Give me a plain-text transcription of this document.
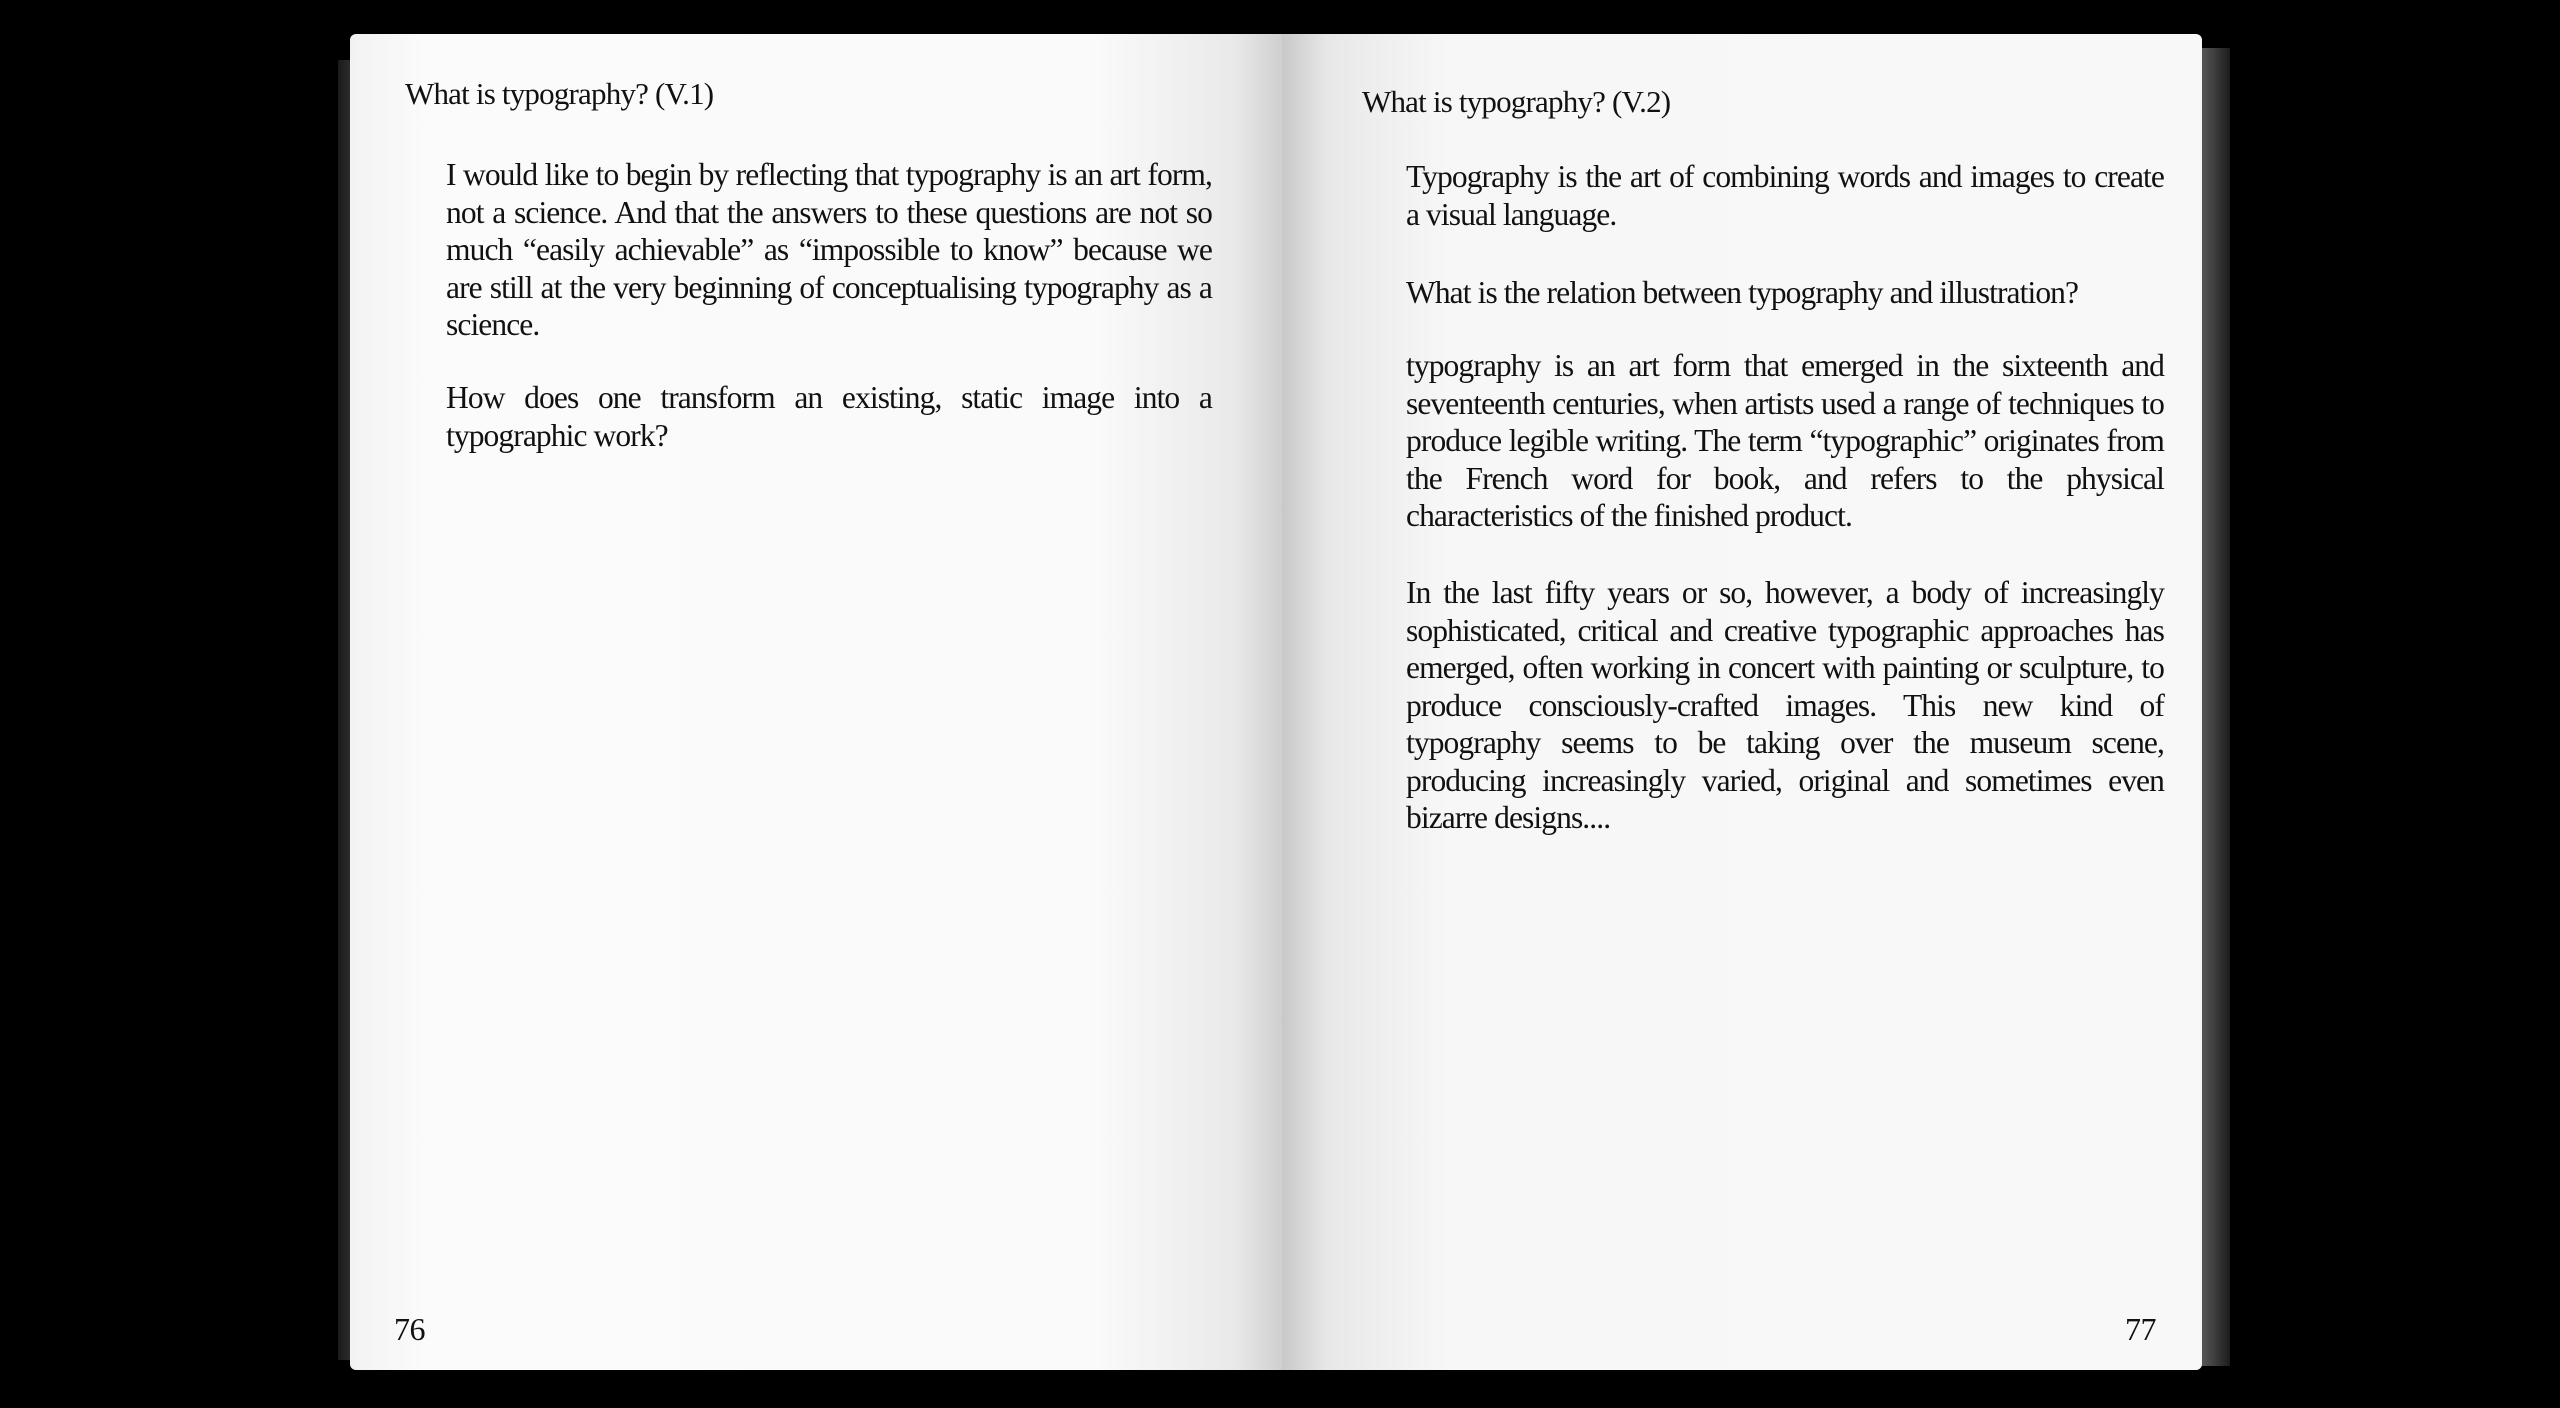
What is typography? (V.1)

I would like to begin by reflecting that typography is an art form, not a science. And that the answers to these questions are not so much “easily achievable” as “impossible to know” because we are still at the very beginning of conceptualising typography as a science.

How does one transform an existing, static image into a typographic work?

76
What is typography? (V.2)

Typography is the art of combining words and images to create a visual language.

What is the relation between typography and illustration?

typography is an art form that emerged in the sixteenth and seventeenth centuries, when artists used a range of techniques to produce legible writing. The term “typographic” originates from the French word for book, and refers to the physical characteristics of the finished product.

In the last fifty years or so, however, a body of increasingly sophisticated, critical and creative typographic approaches has emerged, often working in concert with painting or sculpture, to produce consciously-crafted images. This new kind of typography seems to be taking over the museum scene, producing increasingly varied, original and sometimes even bizarre designs....

77
